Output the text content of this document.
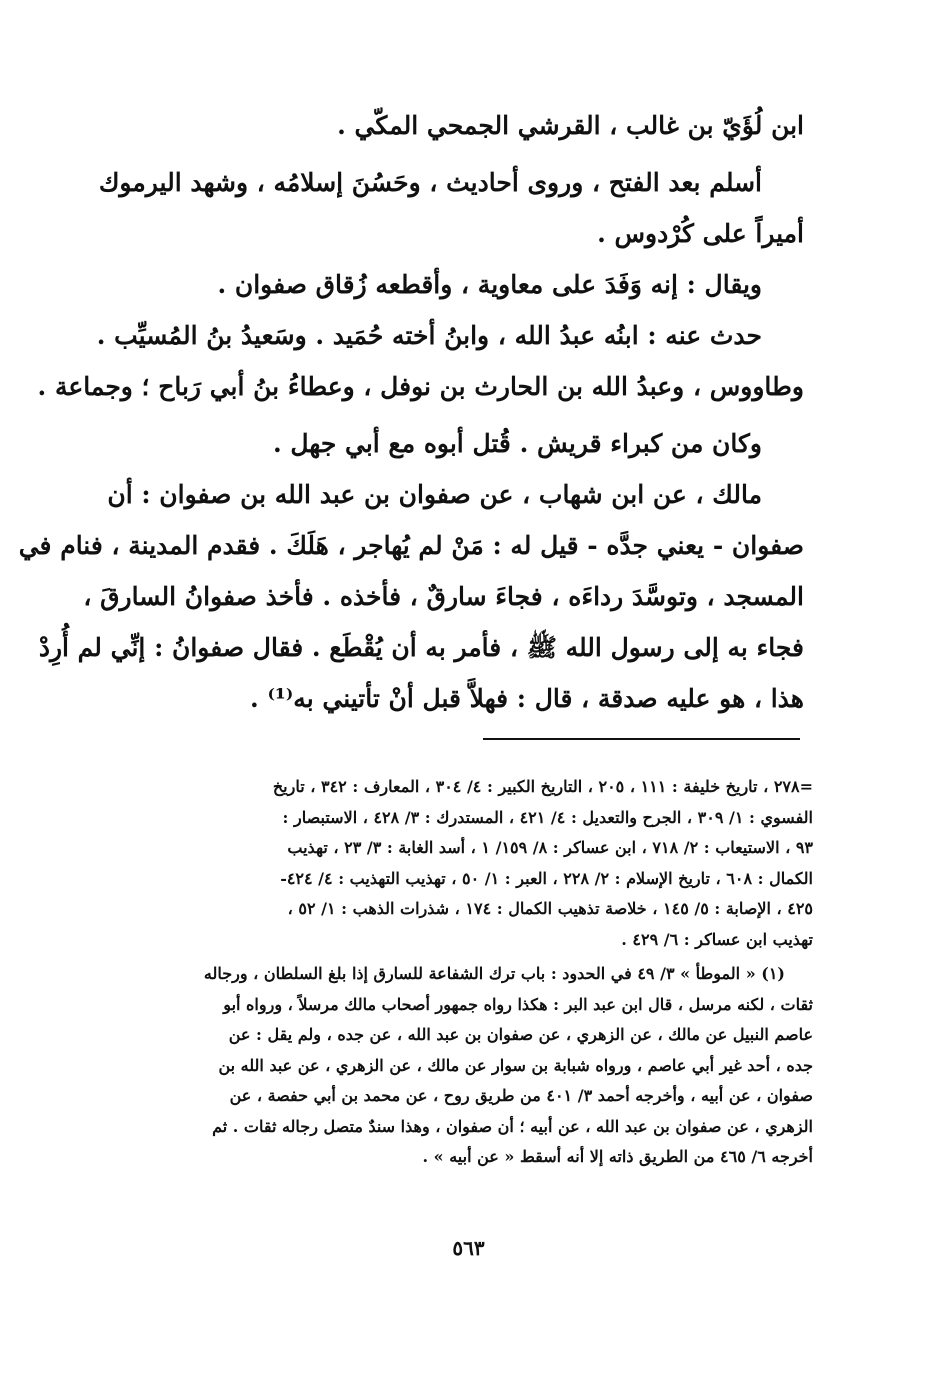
ابن لُؤَيّ بن غالب ، القرشي الجمحي المكّي .

أسلم بعد الفتح ، وروى أحاديث ، وحَسُنَ إسلامُه ، وشهد اليرموك

أميراً على كُرْدوس .

ويقال : إنه وَفَدَ على معاوية ، وأقطعه زُقاق صفوان .

حدث عنه : ابنُه عبدُ الله ، وابنُ أخته حُمَيد . وسَعيدُ بنُ المُسيِّب .

وطاووس ، وعبدُ الله بن الحارث بن نوفل ، وعطاءُ بنُ أبي رَباح ؛ وجماعة .

وكان من كبراء قريش . قُتل أبوه مع أبي جهل .

مالك ، عن ابن شهاب ، عن صفوان بن عبد الله بن صفوان : أن

صفوان - يعني جدَّه - قيل له : مَنْ لم يُهاجر ، هَلَكَ . فقدم المدينة ، فنام في

المسجد ، وتوسَّدَ رداءَه ، فجاءَ سارقٌ ، فأخذه . فأخذ صفوانُ السارقَ ،

فجاء به إلى رسول الله ﷺ ، فأمر به أن يُقْطَع . فقال صفوانُ : إنِّي لم أُرِدْ

هذا ، هو عليه صدقة ، قال : فهلاَّ قبل أنْ تأتيني به⁽¹⁾ .

=٢٧٨ ، تاريخ خليفة : ١١١ ، ٢٠٥ ، التاريخ الكبير : ٤/ ٣٠٤ ، المعارف : ٣٤٢ ، تاريخ

الفسوي : ١/ ٣٠٩ ، الجرح والتعديل : ٤/ ٤٢١ ، المستدرك : ٣/ ٤٢٨ ، الاستبصار :

٩٣ ، الاستيعاب : ٢/ ٧١٨ ، ابن عساكر : ٨/ ١٥٩/ ١ ، أسد الغابة : ٣/ ٢٣ ، تهذيب

الكمال : ٦٠٨ ، تاريخ الإسلام : ٢/ ٢٢٨ ، العبر : ١/ ٥٠ ، تهذيب التهذيب : ٤/ ٤٢٤-

٤٢٥ ، الإصابة : ٥/ ١٤٥ ، خلاصة تذهيب الكمال : ١٧٤ ، شذرات الذهب : ١/ ٥٢ ،

تهذيب ابن عساكر : ٦/ ٤٢٩ .

(١) « الموطأ » ٣/ ٤٩ في الحدود : باب ترك الشفاعة للسارق إذا بلغ السلطان ، ورجاله

ثقات ، لكنه مرسل ، قال ابن عبد البر : هكذا رواه جمهور أصحاب مالك مرسلاً ، ورواه أبو

عاصم النبيل عن مالك ، عن الزهري ، عن صفوان بن عبد الله ، عن جده ، ولم يقل : عن

جده ، أحد غير أبي عاصم ، ورواه شبابة بن سوار عن مالك ، عن الزهري ، عن عبد الله بن

صفوان ، عن أبيه ، وأخرجه أحمد ٣/ ٤٠١ من طريق روح ، عن محمد بن أبي حفصة ، عن

الزهري ، عن صفوان بن عبد الله ، عن أبيه ؛ أن صفوان ، وهذا سندٌ متصل رجاله ثقات . ثم

أخرجه ٦/ ٤٦٥ من الطريق ذاته إلا أنه أسقط « عن أبيه » .

٥٦٣
